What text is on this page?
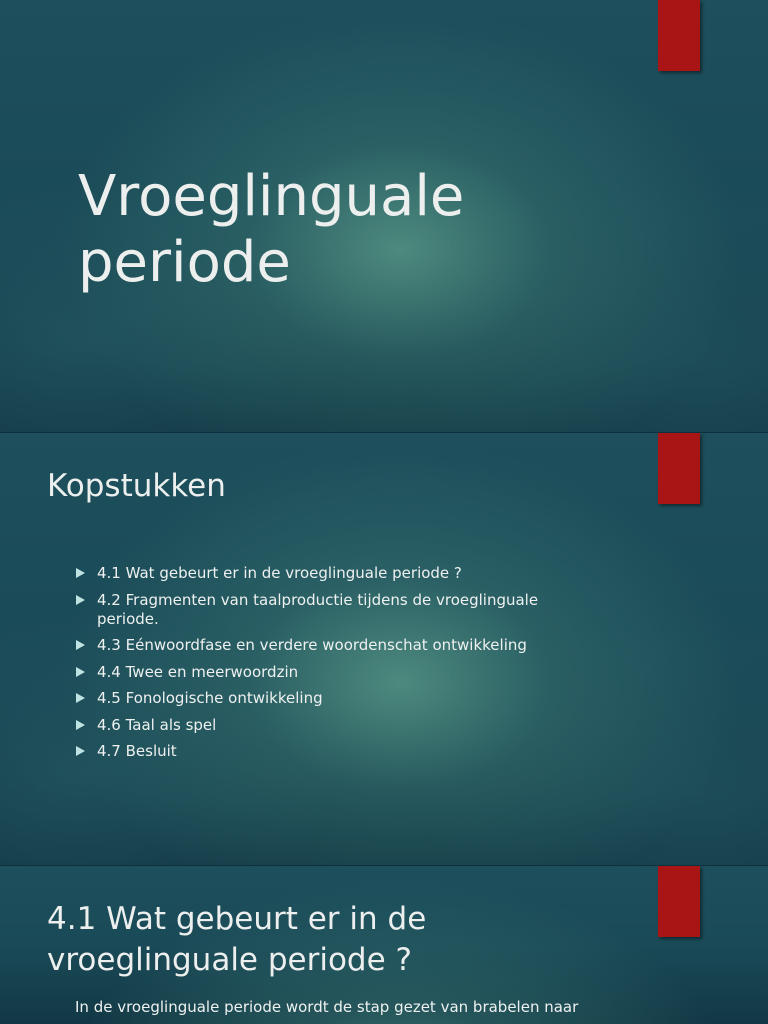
Vroeglinguale
periode
Kopstukken
4.1 Wat gebeurt er in de vroeglinguale periode ?
4.2 Fragmenten van taalproductie tijdens de vroeglinguale periode.
4.3 Eénwoordfase en verdere woordenschat ontwikkeling
4.4 Twee en meerwoordzin
4.5 Fonologische ontwikkeling
4.6 Taal als spel
4.7 Besluit
4.1 Wat gebeurt er in de
vroeglinguale periode ?

In de vroeglinguale periode wordt de stap gezet van brabelen naar
